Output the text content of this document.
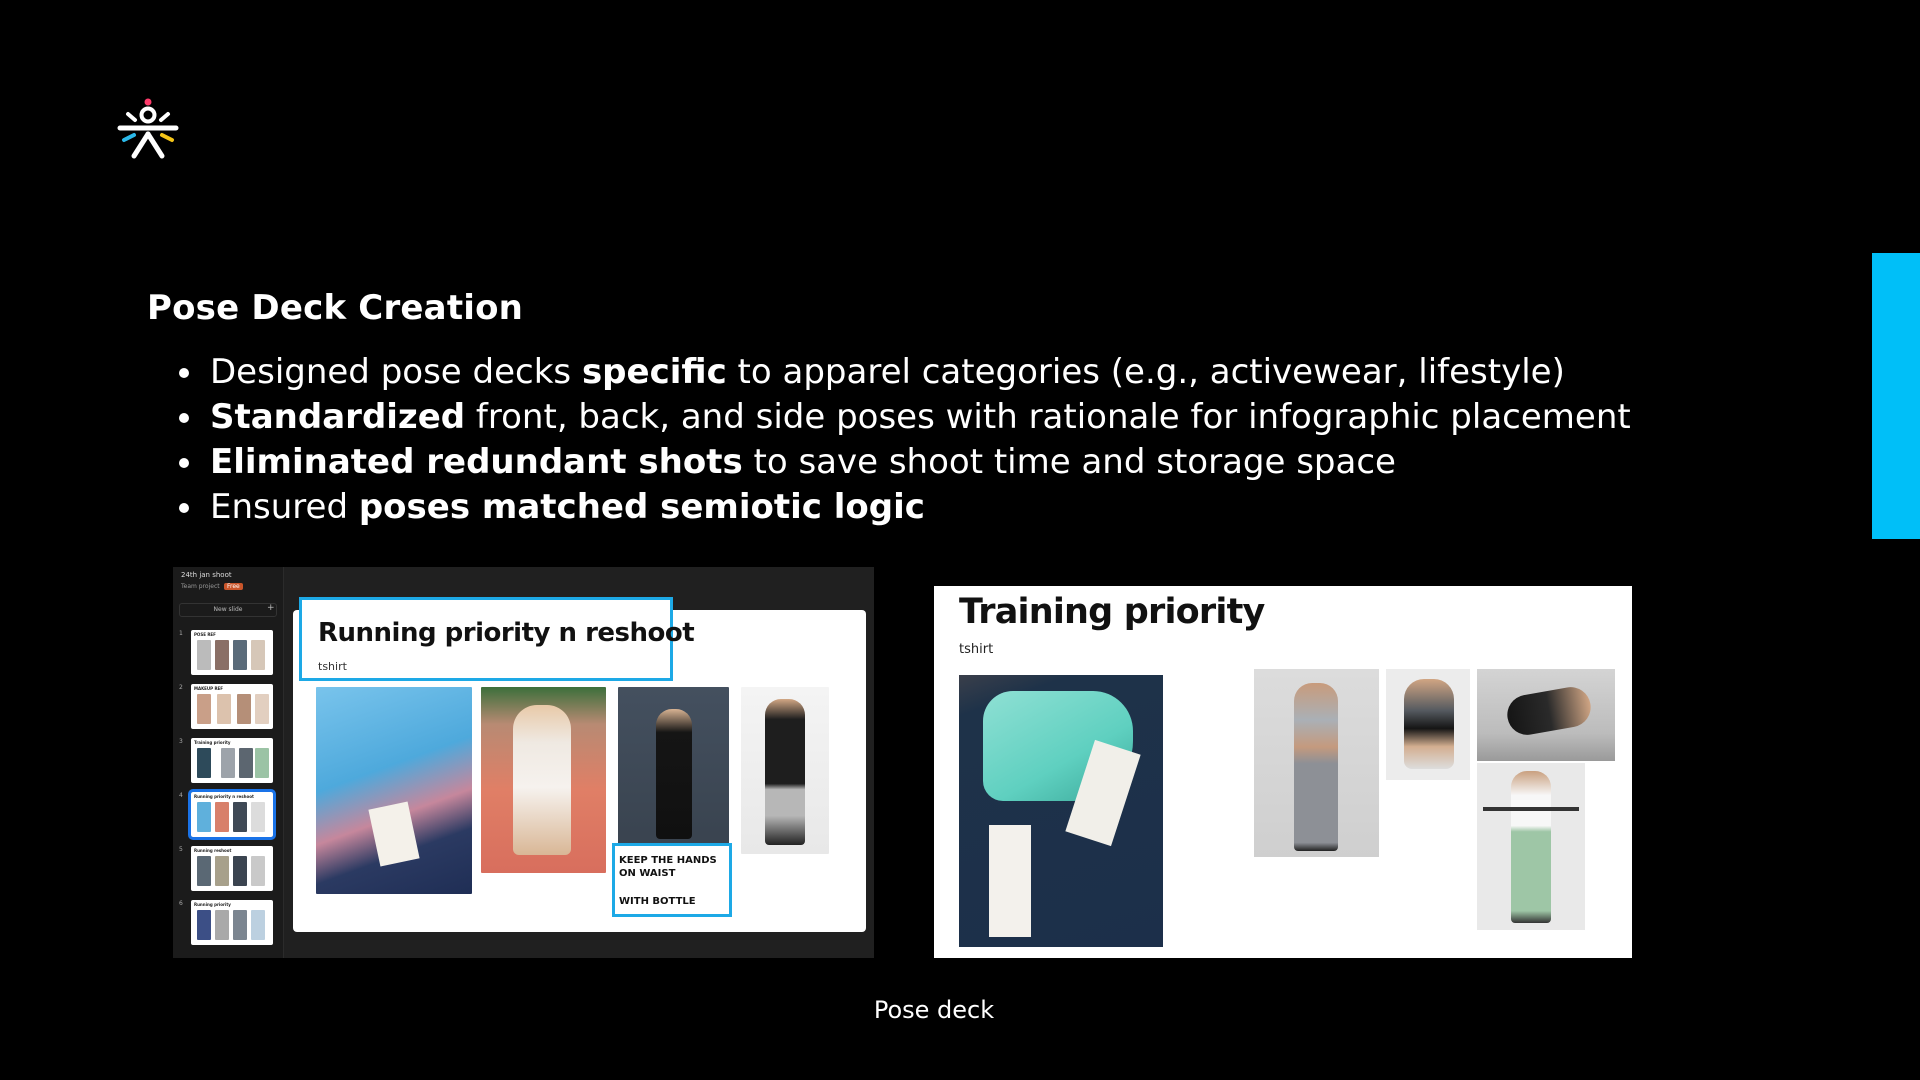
Pose Deck Creation
• Designed pose decks specific to apparel categories (e.g., activewear, lifestyle)
• Standardized front, back, and side poses with rationale for infographic placement
• Eliminated redundant shots to save shoot time and storage space
• Ensured poses matched semiotic logic
24th jan shoot
Team project	Free
New slide	+
1	POSE REF
2	MAKEUP REF
3	Training priority
4	Running priority n reshoot
5	Running reshoot
6	Running priority
Running priority n reshoot
tshirt
KEEP THE HANDS ON WAIST
WITH BOTTLE
Training priority
tshirt
Pose deck
